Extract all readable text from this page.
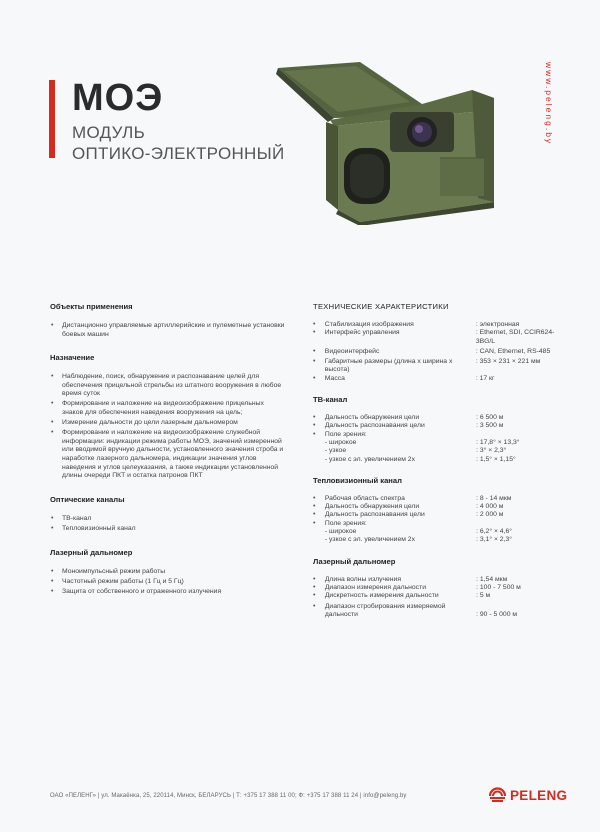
МОЭ
МОДУЛЬ
ОПТИКО-ЭЛЕКТРОННЫЙ
www.peleng.by
Объекты применения
• Дистанционно управляемые артиллерийские и пулеметные установки боевых машин
Назначение
• Наблюдение, поиск, обнаружение и распознавание целей для обеспечения прицельной стрельбы из штатного вооружения в любое время суток
• Формирование и наложение на видеоизображение прицельных знаков для обеспечения наведения вооружения на цель;
• Измерение дальности до цели лазерным дальномером
• Формирование и наложение на видеоизображение служебной информации: индикации режима работы МОЭ, значений измеренной или вводимой вручную дальности, установленного значения строба и наработке лазерного дальномера, индикации значения углов наведения и углов целеуказания, а также индикации установленной длины очереди ПКТ и остатка патронов ПКТ
Оптические каналы
• ТВ-канал
• Тепловизионный канал
Лазерный дальномер
• Моноимпульсный режим работы
• Частотный режим работы (1 Гц и 5 Гц)
• Защита от собственного и отраженного излучения
ТЕХНИЧЕСКИЕ ХАРАКТЕРИСТИКИ
•	Стабилизация изображения	: электронная
•	Интерфейс управления	: Ethernet, SDI, CCIR624-3BG/L
•	Видеоинтерфейс	: CAN, Ethernet, RS-485
•	Габаритные размеры (длина х ширина х высота)	: 353 × 231 × 221 мм
•	Масса	: 17 кг
ТВ-канал
•	Дальность обнаружения цели	: 6 500 м
•	Дальность распознавания цели	: 3 500 м
•	Поле зрения:	
	- широкое	: 17,8° × 13,3°
	- узкое	: 3° × 2,3°
	- узкое с эл. увеличением 2х	: 1,5° × 1,15°
Тепловизионный канал
•	Рабочая область спектра	: 8 - 14 мкм
•	Дальность обнаружения цели	: 4 000 м
•	Дальность распознавания цели	: 2 000 м
•	Поле зрения:	
	- широкое	: 6,2° × 4,6°
	- узкое с эл. увеличением 2х	: 3,1° × 2,3°
Лазерный дальномер
•	Длина волны излучения	: 1,54 мкм
•	Диапазон измерения дальности	: 100 - 7 500 м
•	Дискретность измерения дальности	: 5 м
•	Диапазон стробирования измеряемой дальности	: 90 - 5 000 м
ОАО «ПЕЛЕНГ» | ул. Макаёнка, 25, 220114, Минск, БЕЛАРУСЬ | Т: +375 17 388 11 00; Ф: +375 17 388 11 24 | info@peleng.by	PELENG
